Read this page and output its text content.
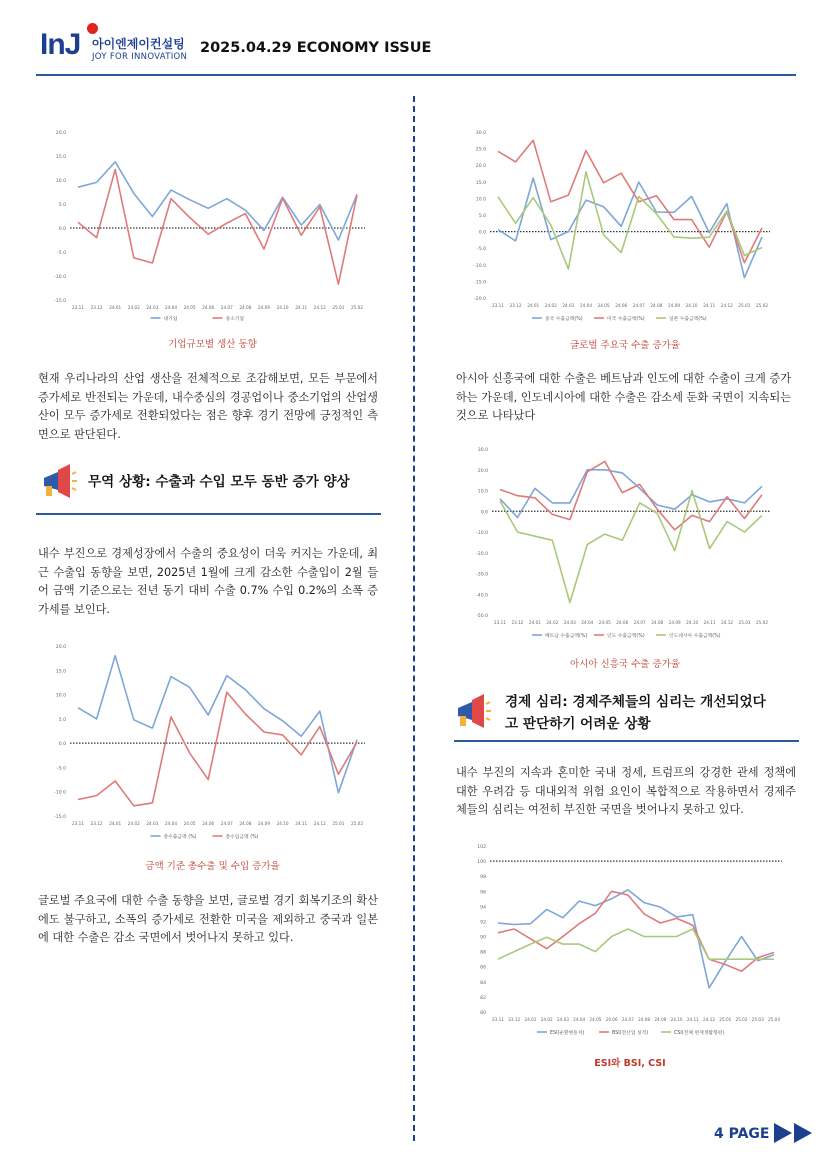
InJ 아이엔제이컨설팅
JOY FOR INNOVATION
2025.04.29 ECONOMY ISSUE
20.0
15.0
10.0
5.0
0.0
-5.0
-10.0
-15.0
23.11 23.12 24.01 24.02 24.03 24.04 24.05 24.06 24.07 24.08 24.09 24.10 24.11 24.12 25.01 25.02
대기업	중소기업
기업규모별 생산 동향
현재 우리나라의 산업 생산을 전체적으로 조감해보면, 모든 부문에서 증가세로 반전되는 가운데, 내수중심의 경공업이나 중소기업의 산업생산이 모두 증가세로 전환되었다는 점은 향후 경기 전망에 긍정적인 측면으로 판단된다.
무역 상황: 수출과 수입 모두 동반 증가 양상
내수 부진으로 경제성장에서 수출의 중요성이 더욱 커지는 가운데, 최근 수출입 동향을 보면, 2025년 1월에 크게 감소한 수출입이 2월 들어 금액 기준으로는 전년 동기 대비 수출 0.7% 수입 0.2%의 소폭 증가세를 보인다.
20.0
15.0
10.0
5.0
0.0
-5.0
-10.0
-15.0
23.11 23.12 24.01 24.02 24.03 24.04 24.05 24.06 24.07 24.08 24.09 24.10 24.11 24.12 25.01 25.02
총수출금액 (%)	총수입금액 (%)
금액 기준 총수출 및 수입 증가율
글로벌 주요국에 대한 수출 동향을 보면, 글로벌 경기 회복기조의 확산에도 불구하고, 소폭의 증가세로 전환한 미국을 제외하고 중국과 일본에 대한 수출은 감소 국면에서 벗어나지 못하고 있다.
30.0
25.0
20.0
15.0
10.0
5.0
0.0
-5.0
-10.0
-15.0
-20.0
23.11 23.12 24.01 24.02 24.03 24.04 24.05 24.06 24.07 24.08 24.09 24.10 24.11 24.12 25.01 25.02
중국 수출금액(%)	미국 수출금액(%)	일본 수출금액(%)
글로벌 주요국 수출 증가율
아시아 신흥국에 대한 수출은 베트남과 인도에 대한 수출이 크게 증가하는 가운데, 인도네시아에 대한 수출은 감소세 둔화 국면이 지속되는 것으로 나타났다
30.0
20.0
10.0
0.0
-10.0
-20.0
-30.0
-40.0
-50.0
23.11 23.12 24.01 24.02 24.03 24.04 24.05 24.06 24.07 24.08 24.09 24.10 24.11 24.12 25.01 25.02
베트남 수출금액(%)	인도 수출금액(%)	인도네시아 수출금액(%)
아시아 신흥국 수출 증가율
경제 심리: 경제주체들의 심리는 개선되었다
고 판단하기 어려운 상황
내수 부진의 지속과 혼미한 국내 정세, 트럼프의 강경한 관세 정책에 대한 우려감 등 대내외적 위험 요인이 복합적으로 작용하면서 경제주체들의 심리는 여전히 부진한 국면을 벗어나지 못하고 있다.
102
100
98
96
94
92
90
88
86
84
82
80
23.11 23.12 24.01 24.02 24.03 24.04 24.05 24.06 24.07 24.08 24.09 24.10 24.11 24.12 25.01 25.02 25.03 25.04
ESI(순환변동치)	BSI(전산업 실적)	CSI(전체 현재생활형편)
ESI와 BSI, CSI
4 PAGE
